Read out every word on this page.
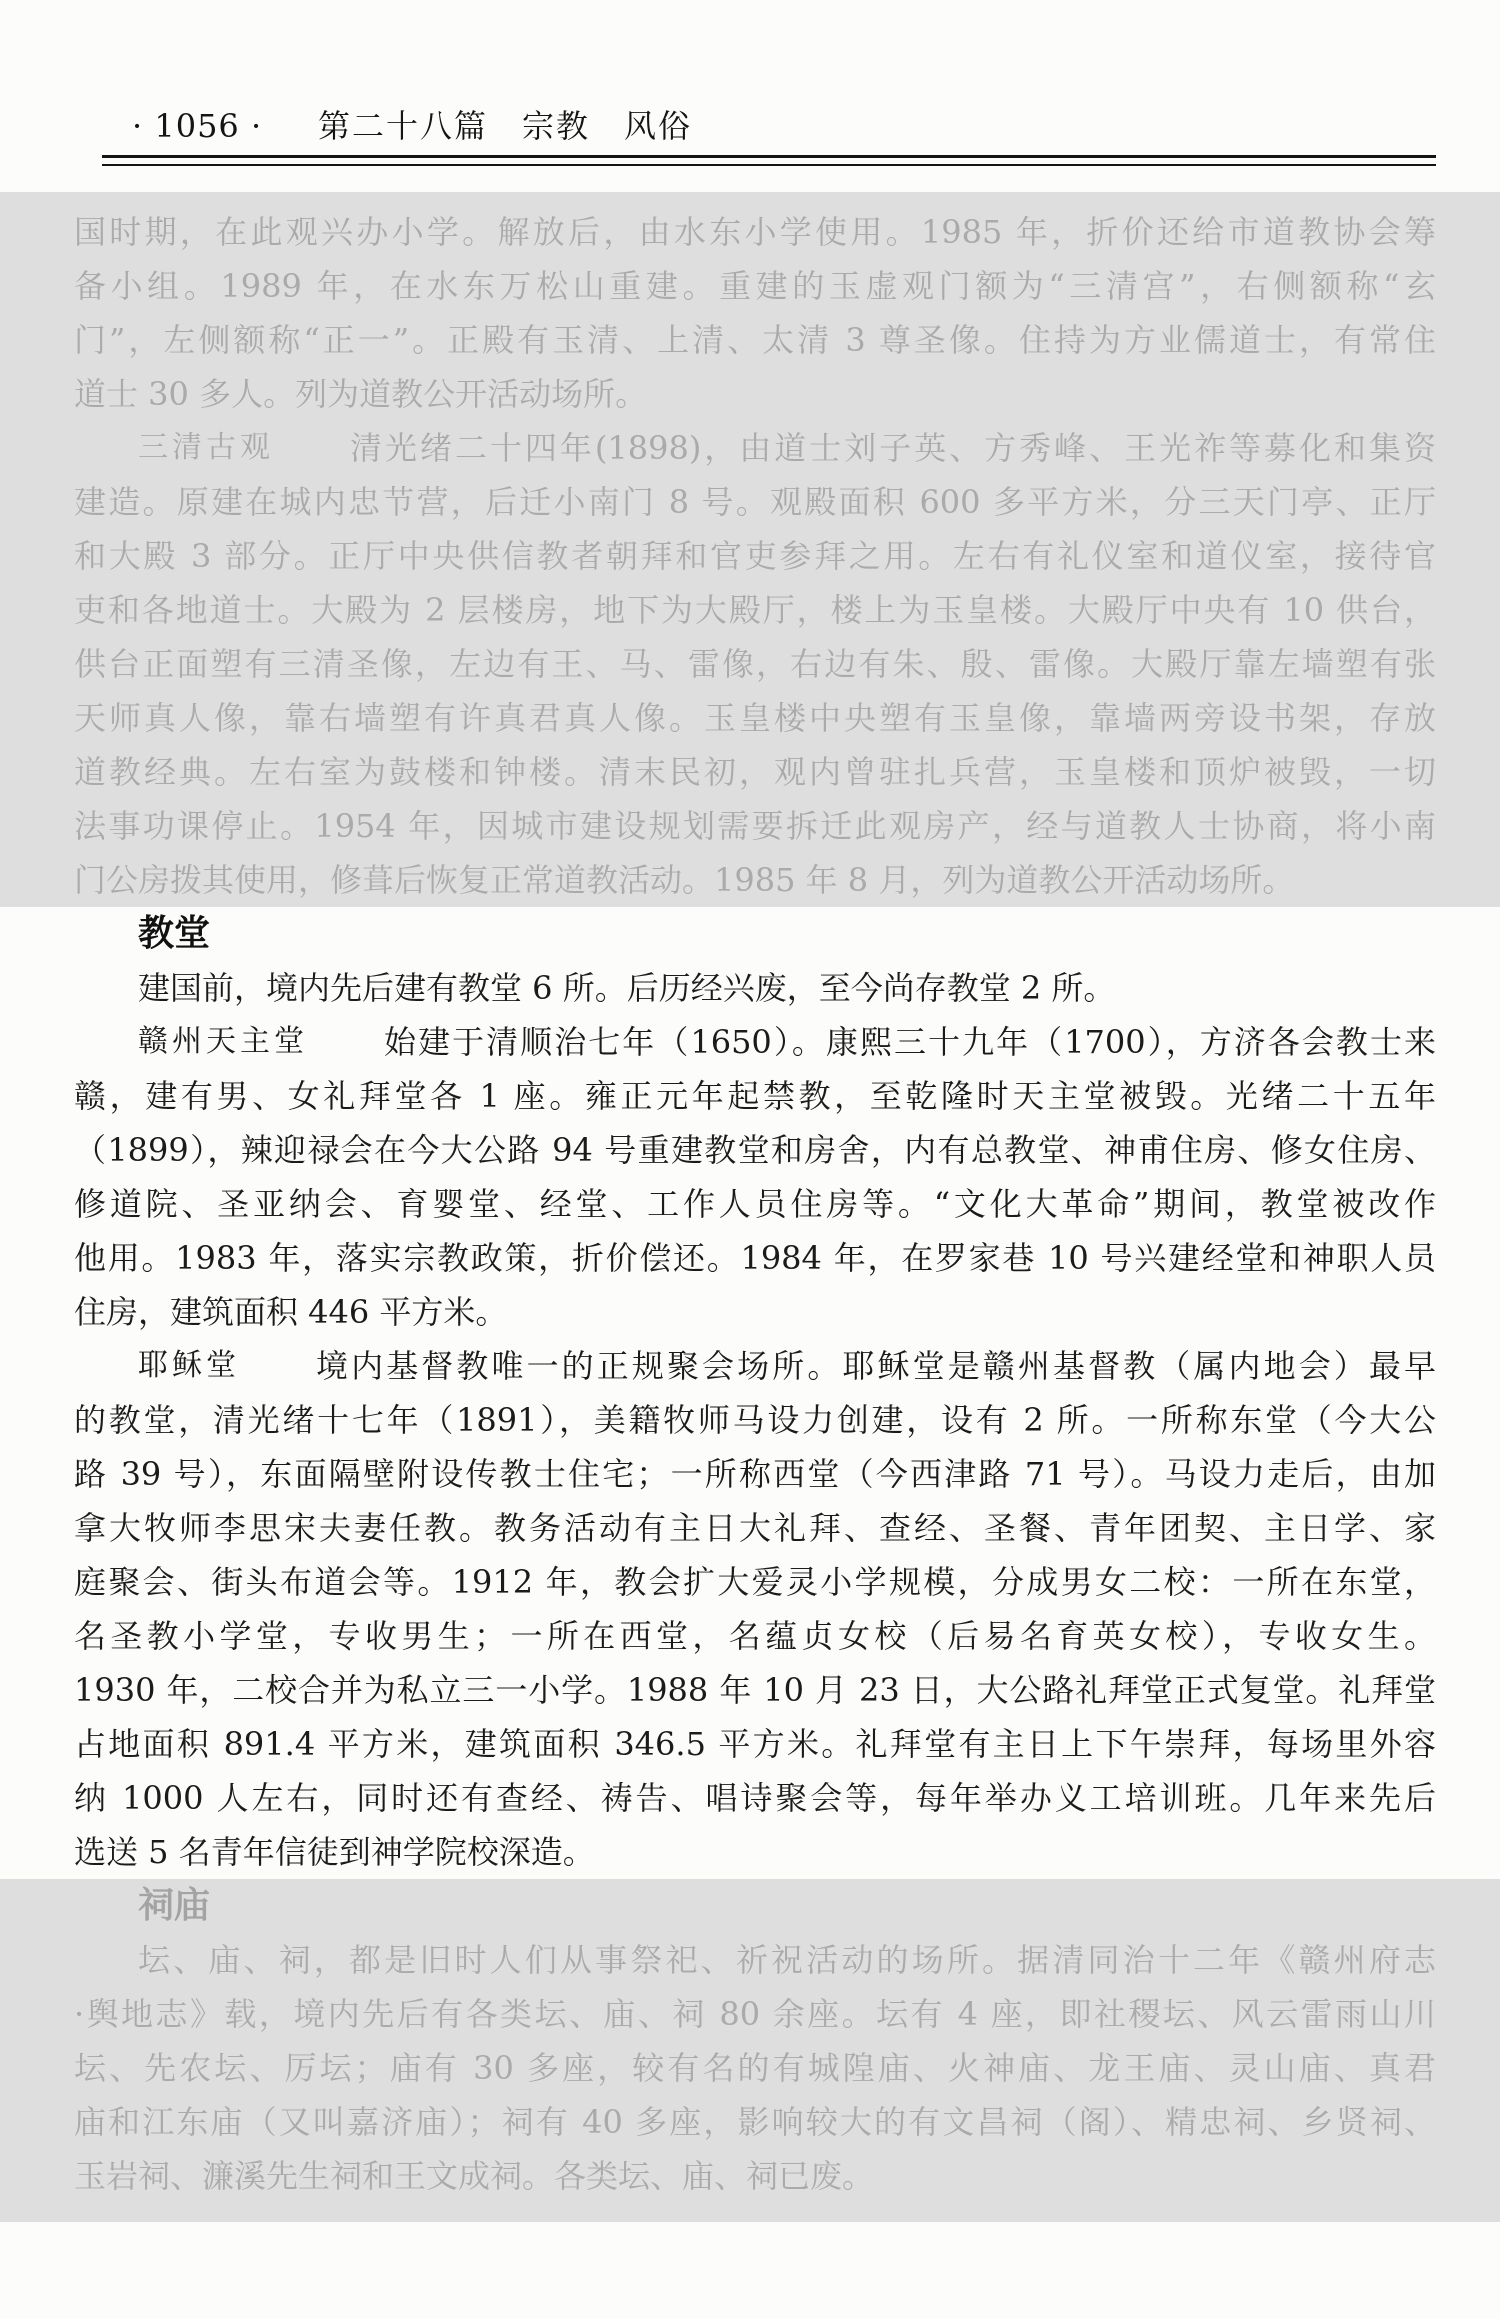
· 1056 · 第二十八篇　宗教　风俗
国时期，在此观兴办小学。解放后，由水东小学使用。1985 年，折价还给市道教协会筹
备小组。1989 年，在水东万松山重建。重建的玉虚观门额为“三清宫”，右侧额称“玄
门”，左侧额称“正一”。正殿有玉清、上清、太清 3 尊圣像。住持为方业儒道士，有常住
道士 30 多人。列为道教公开活动场所。
三清古观 清光绪二十四年(1898)，由道士刘子英、方秀峰、王光祚等募化和集资
建造。原建在城内忠节营，后迁小南门 8 号。观殿面积 600 多平方米，分三天门亭、正厅
和大殿 3 部分。正厅中央供信教者朝拜和官吏参拜之用。左右有礼仪室和道仪室，接待官
吏和各地道士。大殿为 2 层楼房，地下为大殿厅，楼上为玉皇楼。大殿厅中央有 10 供台，
供台正面塑有三清圣像，左边有王、马、雷像，右边有朱、殷、雷像。大殿厅靠左墙塑有张
天师真人像，靠右墙塑有许真君真人像。玉皇楼中央塑有玉皇像，靠墙两旁设书架，存放
道教经典。左右室为鼓楼和钟楼。清末民初，观内曾驻扎兵营，玉皇楼和顶炉被毁，一切
法事功课停止。1954 年，因城市建设规划需要拆迁此观房产，经与道教人士协商，将小南
门公房拨其使用，修葺后恢复正常道教活动。1985 年 8 月，列为道教公开活动场所。
教堂
建国前，境内先后建有教堂 6 所。后历经兴废，至今尚存教堂 2 所。
赣州天主堂 始建于清顺治七年（1650）。康熙三十九年（1700），方济各会教士来
赣，建有男、女礼拜堂各 1 座。雍正元年起禁教，至乾隆时天主堂被毁。光绪二十五年
（1899），辣迎禄会在今大公路 94 号重建教堂和房舍，内有总教堂、神甫住房、修女住房、
修道院、圣亚纳会、育婴堂、经堂、工作人员住房等。“文化大革命”期间，教堂被改作
他用。1983 年，落实宗教政策，折价偿还。1984 年，在罗家巷 10 号兴建经堂和神职人员
住房，建筑面积 446 平方米。
耶稣堂 境内基督教唯一的正规聚会场所。耶稣堂是赣州基督教（属内地会）最早
的教堂，清光绪十七年（1891），美籍牧师马设力创建，设有 2 所。一所称东堂（今大公
路 39 号），东面隔壁附设传教士住宅；一所称西堂（今西津路 71 号）。马设力走后，由加
拿大牧师李思宋夫妻任教。教务活动有主日大礼拜、查经、圣餐、青年团契、主日学、家
庭聚会、街头布道会等。1912 年，教会扩大爱灵小学规模，分成男女二校：一所在东堂，
名圣教小学堂，专收男生；一所在西堂，名蕴贞女校（后易名育英女校），专收女生。
1930 年，二校合并为私立三一小学。1988 年 10 月 23 日，大公路礼拜堂正式复堂。礼拜堂
占地面积 891.4 平方米，建筑面积 346.5 平方米。礼拜堂有主日上下午崇拜，每场里外容
纳 1000 人左右，同时还有查经、祷告、唱诗聚会等，每年举办义工培训班。几年来先后
选送 5 名青年信徒到神学院校深造。
祠庙
坛、庙、祠，都是旧时人们从事祭祀、祈祝活动的场所。据清同治十二年《赣州府志
·舆地志》载，境内先后有各类坛、庙、祠 80 余座。坛有 4 座，即社稷坛、风云雷雨山川
坛、先农坛、厉坛；庙有 30 多座，较有名的有城隍庙、火神庙、龙王庙、灵山庙、真君
庙和江东庙（又叫嘉济庙）；祠有 40 多座，影响较大的有文昌祠（阁）、精忠祠、乡贤祠、
玉岩祠、濂溪先生祠和王文成祠。各类坛、庙、祠已废。
